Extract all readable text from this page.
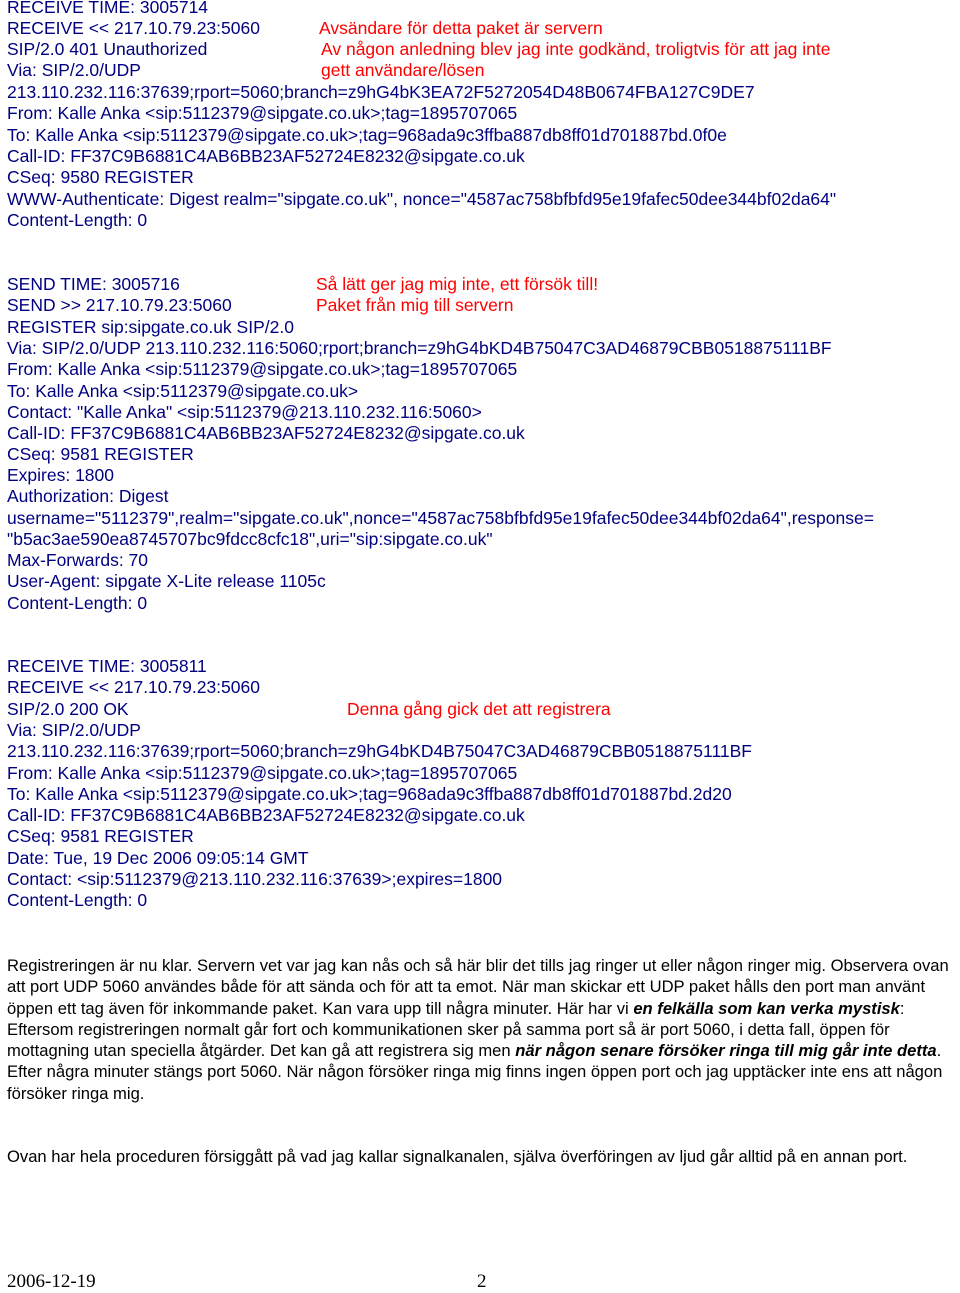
RECEIVE TIME: 3005714
RECEIVE << 217.10.79.23:5060
SIP/2.0 401 Unauthorized
Via: SIP/2.0/UDP
213.110.232.116:37639;rport=5060;branch=z9hG4bK3EA72F5272054D48B0674FBA127C9DE7
From: Kalle Anka <sip:5112379@sipgate.co.uk>;tag=1895707065
To: Kalle Anka <sip:5112379@sipgate.co.uk>;tag=968ada9c3ffba887db8ff01d701887bd.0f0e
Call-ID: FF37C9B6881C4AB6BB23AF52724E8232@sipgate.co.uk
CSeq: 9580 REGISTER
WWW-Authenticate: Digest realm="sipgate.co.uk", nonce="4587ac758bfbfd95e19fafec50dee344bf02da64"
Content-Length: 0
Avsändare för detta paket är servern
Av någon anledning blev jag inte godkänd, troligtvis för att jag inte
gett användare/lösen
SEND TIME: 3005716
SEND >> 217.10.79.23:5060
REGISTER sip:sipgate.co.uk SIP/2.0
Via: SIP/2.0/UDP 213.110.232.116:5060;rport;branch=z9hG4bKD4B75047C3AD46879CBB0518875111BF
From: Kalle Anka <sip:5112379@sipgate.co.uk>;tag=1895707065
To: Kalle Anka <sip:5112379@sipgate.co.uk>
Contact: "Kalle Anka" <sip:5112379@213.110.232.116:5060>
Call-ID: FF37C9B6881C4AB6BB23AF52724E8232@sipgate.co.uk
CSeq: 9581 REGISTER
Expires: 1800
Authorization: Digest
username="5112379",realm="sipgate.co.uk",nonce="4587ac758bfbfd95e19fafec50dee344bf02da64",response=
"b5ac3ae590ea8745707bc9fdcc8cfc18",uri="sip:sipgate.co.uk"
Max-Forwards: 70
User-Agent: sipgate X-Lite release 1105c
Content-Length: 0
Så lätt ger jag mig inte, ett försök till!
Paket från mig till servern
RECEIVE TIME: 3005811
RECEIVE << 217.10.79.23:5060
SIP/2.0 200 OK
Via: SIP/2.0/UDP
213.110.232.116:37639;rport=5060;branch=z9hG4bKD4B75047C3AD46879CBB0518875111BF
From: Kalle Anka <sip:5112379@sipgate.co.uk>;tag=1895707065
To: Kalle Anka <sip:5112379@sipgate.co.uk>;tag=968ada9c3ffba887db8ff01d701887bd.2d20
Call-ID: FF37C9B6881C4AB6BB23AF52724E8232@sipgate.co.uk
CSeq: 9581 REGISTER
Date: Tue, 19 Dec 2006 09:05:14 GMT
Contact: <sip:5112379@213.110.232.116:37639>;expires=1800
Content-Length: 0
Denna gång gick det att registrera
Registreringen är nu klar. Servern vet var jag kan nås och så här blir det tills jag ringer ut eller någon ringer mig. Observera ovan att port UDP 5060 användes både för att sända och för att ta emot. När man skickar ett UDP paket hålls den port man använt öppen ett tag även för inkommande paket. Kan vara upp till några minuter. Här har vi en felkälla som kan verka mystisk: Eftersom registreringen normalt går fort och kommunikationen sker på samma port så är port 5060, i detta fall, öppen för mottagning utan speciella åtgärder. Det kan gå att registrera sig men när någon senare försöker ringa till mig går inte detta. Efter några minuter stängs port 5060. När någon försöker ringa mig finns ingen öppen port och jag upptäcker inte ens att någon försöker ringa mig.
Ovan har hela proceduren försiggått på vad jag kallar signalkanalen, själva överföringen av ljud går alltid på en annan port.
2006-12-19	2
